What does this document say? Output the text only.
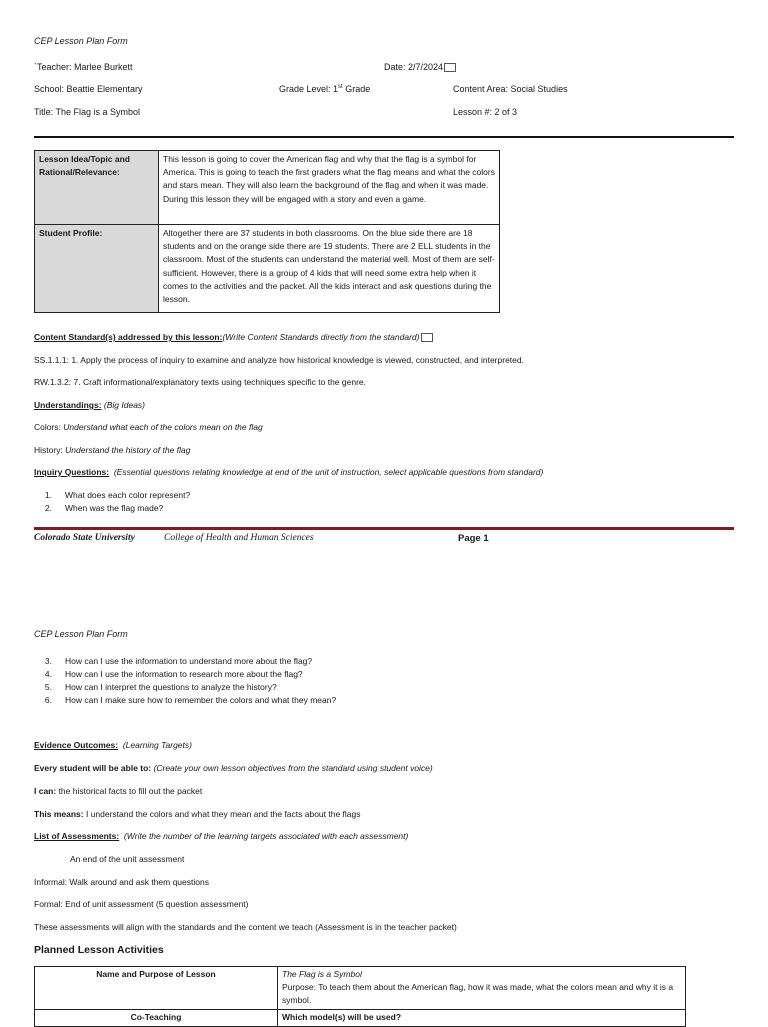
CEP Lesson Plan Form
`Teacher: Marlee Burkett	Date: 2/7/2024
School: Beattie Elementary	Grade Level: 1st Grade	Content Area: Social Studies
Title: The Flag is a Symbol	Lesson #: 2 of 3
Lesson Idea/Topic and Rational/Relevance:	This lesson is going to cover the American flag and why that the flag is a symbol for America. This is going to teach the first graders what the flag means and what the colors and stars mean. They will also learn the background of the flag and when it was made. During this lesson they will be engaged with a story and even a game.
Student Profile:	Altogether there are 37 students in both classrooms. On the blue side there are 18 students and on the orange side there are 19 students. There are 2 ELL students in the classroom. Most of the students can understand the material well. Most of them are self-sufficient. However, there is a group of 4 kids that will need some extra help when it comes to the activities and the packet. All the kids interact and ask questions during the lesson.
Content Standard(s) addressed by this lesson:(Write Content Standards directly from the standard)
SS.1.1.1: 1. Apply the process of inquiry to examine and analyze how historical knowledge is viewed, constructed, and interpreted.
RW.1.3.2: 7. Craft informational/explanatory texts using techniques specific to the genre.
Understandings: (Big Ideas)
Colors: Understand what each of the colors mean on the flag
History: Understand the history of the flag
Inquiry Questions: (Essential questions relating knowledge at end of the unit of instruction, select applicable questions from standard)
1. What does each color represent?
2. When was the flag made?
Colorado State University	College of Health and Human Sciences	Page 1
CEP Lesson Plan Form
3. How can I use the information to understand more about the flag?
4. How can I use the information to research more about the flag?
5. How can I interpret the questions to analyze the history?
6. How can I make sure how to remember the colors and what they mean?
Evidence Outcomes: (Learning Targets)
Every student will be able to: (Create your own lesson objectives from the standard using student voice)
I can: the historical facts to fill out the packet
This means: I understand the colors and what they mean and the facts about the flags
List of Assessments: (Write the number of the learning targets associated with each assessment)
An end of the unit assessment
Informal: Walk around and ask them questions
Formal: End of unit assessment (5 question assessment)
These assessments will align with the standards and the content we teach (Assessment is in the teacher packet)
Planned Lesson Activities
Name and Purpose of Lesson	The Flag is a Symbol
Purpose: To teach them about the American flag, how it was made, what the colors mean and why it is a symbol.

Co-Teaching	Which model(s) will be used?
